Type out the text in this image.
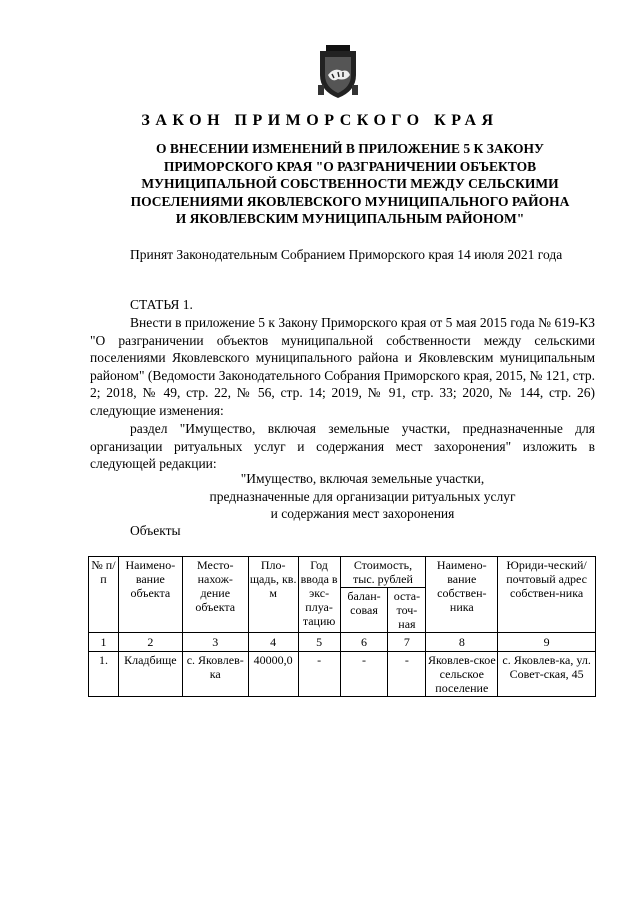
ЗАКОН ПРИМОРСКОГО КРАЯ
О ВНЕСЕНИИ ИЗМЕНЕНИЙ В ПРИЛОЖЕНИЕ 5 К ЗАКОНУ
ПРИМОРСКОГО КРАЯ "О РАЗГРАНИЧЕНИИ ОБЪЕКТОВ
МУНИЦИПАЛЬНОЙ СОБСТВЕННОСТИ МЕЖДУ СЕЛЬСКИМИ
ПОСЕЛЕНИЯМИ ЯКОВЛЕВСКОГО МУНИЦИПАЛЬНОГО РАЙОНА
И ЯКОВЛЕВСКИМ МУНИЦИПАЛЬНЫМ РАЙОНОМ"
Принят Законодательным Собранием Приморского края 14 июля 2021 года
СТАТЬЯ 1.
Внести в приложение 5 к Закону Приморского края от 5 мая 2015 года № 619-КЗ "О разграничении объектов муниципальной собственности между сельскими поселениями Яковлевского муниципального района и Яковлевским муниципальным районом" (Ведомости Законодательного Собрания Приморского края, 2015, № 121, стр. 2; 2018, № 49, стр. 22, № 56, стр. 14; 2019, № 91, стр. 33; 2020, № 144, стр. 26) следующие изменения:
раздел "Имущество, включая земельные участки, предназначенные для организации ритуальных услуг и содержания мест захоронения" изложить в следующей редакции:
"Имущество, включая земельные участки,
предназначенные для организации ритуальных услуг
и содержания мест захоронения
Объекты
№ п/п	Наимено-вание объекта	Место-нахож-дение объекта	Пло-щадь, кв. м	Год ввода в экс-плуа-тацию	Стоимость, тыс. рублей		Наимено-вание собствен-ника	Юриди-ческий/ почтовый адрес собствен-ника
					балан-совая	оста-точ-ная		
1	2	3	4	5	6	7	8	9
1.	Кладбище	с. Яковлев-ка	40000,0	-	-	-	Яковлев-ское сельское поселение	с. Яковлев-ка, ул. Совет-ская, 45
